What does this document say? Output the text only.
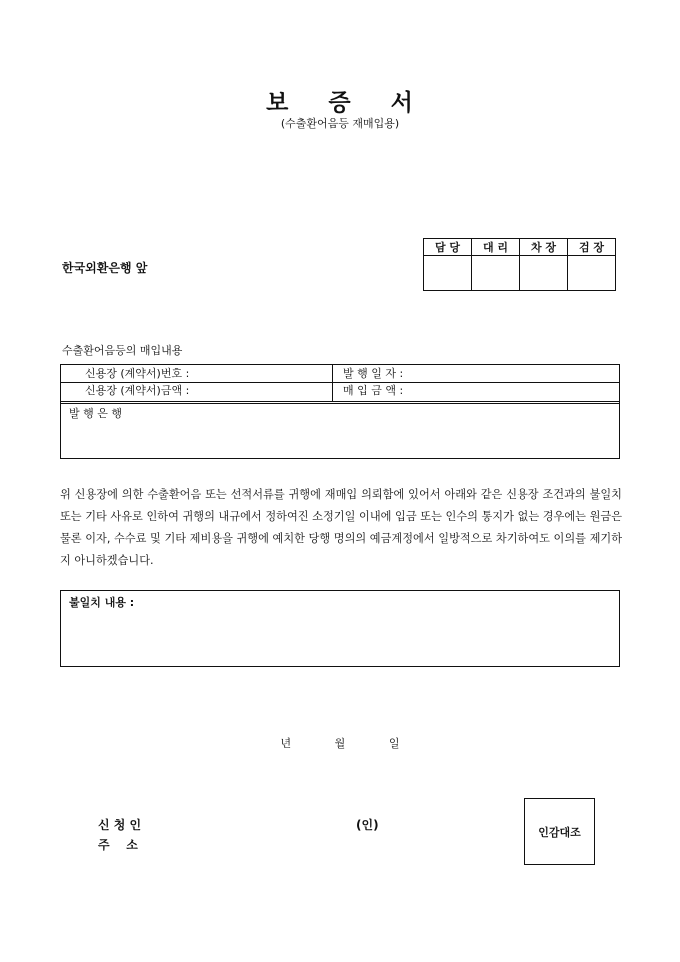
보 증 서
(수출환어음등 재매입용)
한국외환은행 앞
담 당	대 리	차 장	검 장

수출환어음등의 매입내용
신용장 (계약서)번호 :	발 행 일 자 :
신용장 (계약서)금액 :	매 입 금 액 :
발 행 은 행
위 신용장에 의한 수출환어음 또는 선적서류를 귀행에 재매입 의뢰함에 있어서 아래와 같은 신용장 조건과의 불일치 또는 기타 사유로 인하여 귀행의 내규에서 정하여진 소정기일 이내에 입금 또는 인수의 통지가 없는 경우에는 원금은 물론 이자, 수수료 및 기타 제비용을 귀행에 예치한 당행 명의의 예금계정에서 일방적으로 차기하여도 이의를 제기하지 아니하겠습니다.
불일치 내용 :
년	월	일
신 청 인
주    소
(인)	인감대조
